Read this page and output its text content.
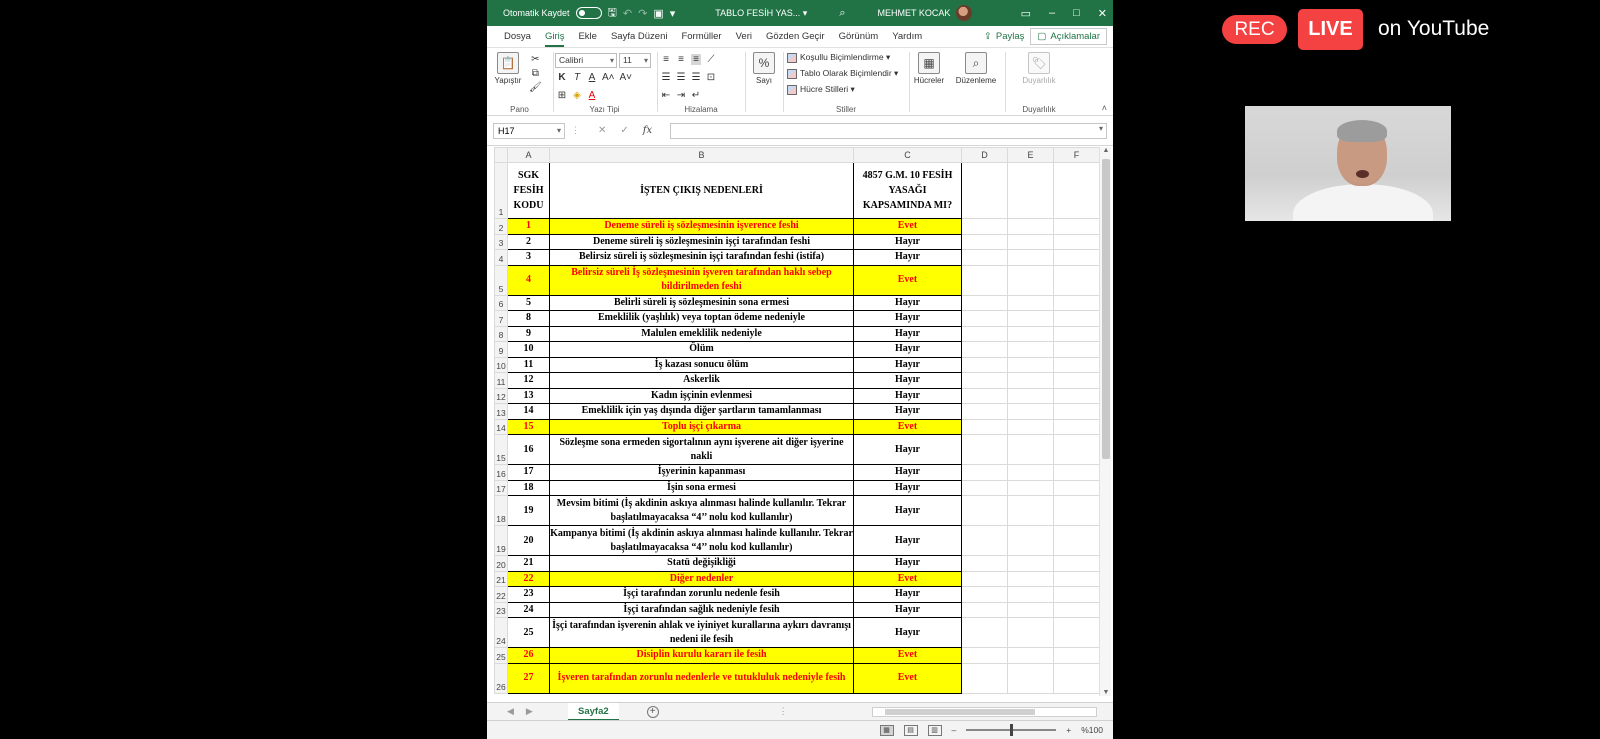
Otomatik Kaydet	🖫 ↶ ↷ ▣ ▾	TABLO FESİH YAS... ▾	⌕	MEHMET KOCAK	▭ – □ ✕
Dosya	Giriş	Ekle	Sayfa Düzeni	Formüller	Veri	Gözden Geçir	Görünüm	Yardım	⇪ Paylaş ▢ Açıklamalar
📋
Yapıştır
✂
⧉
🖌
Pano
Calibri ▾	11 ▾
K T A A˄ A˅
⊞ ◈ A
Yazı Tipi
≡ ≡ ≡ ⟋
☰ ☰ ☰ ⊡
⇤ ⇥ ↵
Hizalama
%
Sayı
Koşullu Biçimlendirme ▾
Tablo Olarak Biçimlendir ▾
Hücre Stilleri ▾
Stiller
▦
Hücreler
⌕
Düzenleme
🏷
Duyarlılık
Duyarlılık	˄
H17 ▾	⋮ ✕ ✓ fx
▾
	A	B	C	D	E	F
1	SGK FESİH KODU	İŞTEN ÇIKIŞ NEDENLERİ	4857 G.M. 10 FESİH YASAĞI KAPSAMINDA MI?			
2	1	Deneme süreli iş sözleşmesinin işverence feshi	Evet			
3	2	Deneme süreli iş sözleşmesinin işçi tarafından feshi	Hayır			
4	3	Belirsiz süreli iş sözleşmesinin işçi tarafından feshi (istifa)	Hayır			
5	4	Belirsiz süreli İş sözleşmesinin işveren tarafından haklı sebep bildirilmeden feshi	Evet			
6	5	Belirli süreli iş sözleşmesinin sona ermesi	Hayır			
7	8	Emeklilik (yaşlılık) veya toptan ödeme nedeniyle	Hayır			
8	9	Malulen emeklilik nedeniyle	Hayır			
9	10	Ölüm	Hayır			
10	11	İş kazası sonucu ölüm	Hayır			
11	12	Askerlik	Hayır			
12	13	Kadın işçinin evlenmesi	Hayır			
13	14	Emeklilik için yaş dışında diğer şartların tamamlanması	Hayır			
14	15	Toplu işçi çıkarma	Evet			
15	16	Sözleşme sona ermeden sigortalının aynı işverene ait diğer işyerine nakli	Hayır			
16	17	İşyerinin kapanması	Hayır			
17	18	İşin sona ermesi	Hayır			
18	19	Mevsim bitimi (İş akdinin askıya alınması halinde kullanılır. Tekrar başlatılmayacaksa “4’’ nolu kod kullanılır)	Hayır			
19	20	Kampanya bitimi (İş akdinin askıya alınması halinde kullanılır. Tekrar başlatılmayacaksa “4’’ nolu kod kullanılır)	Hayır			
20	21	Statü değişikliği	Hayır			
21	22	Diğer nedenler	Evet			
22	23	İşçi tarafından zorunlu nedenle fesih	Hayır			
23	24	İşçi tarafından sağlık nedeniyle fesih	Hayır			
24	25	İşçi tarafından işverenin ahlak ve iyiniyet kurallarına aykırı davranışı nedeni ile fesih	Hayır			
25	26	Disiplin kurulu kararı ile fesih	Evet			
26	27	İşveren tarafından zorunlu nedenlerle ve tutukluluk nedeniyle fesih	Evet			
▲
▼
◀ ▶	Sayfa2	+	⋮
▦	▤	▥	–	+ %100
REC	LIVE	on YouTube
